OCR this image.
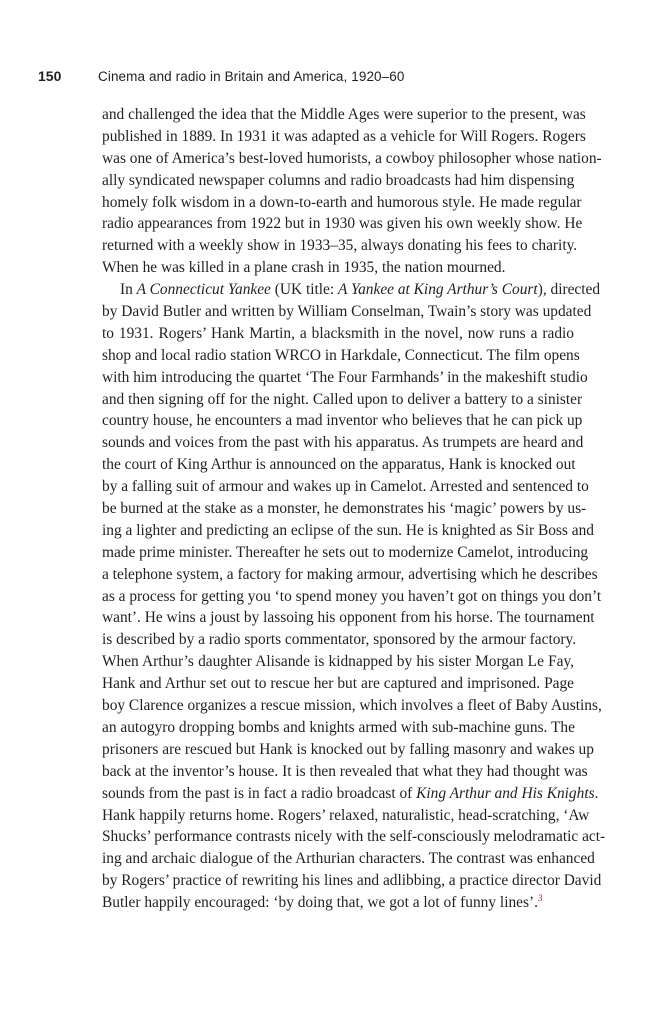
150	Cinema and radio in Britain and America, 1920–60
and challenged the idea that the Middle Ages were superior to the present, was
published in 1889. In 1931 it was adapted as a vehicle for Will Rogers. Rogers
was one of America’s best-loved humorists, a cowboy philosopher whose nation-
ally syndicated newspaper columns and radio broadcasts had him dispensing
homely folk wisdom in a down-to-earth and humorous style. He made regular
radio appearances from 1922 but in 1930 was given his own weekly show. He
returned with a weekly show in 1933–35, always donating his fees to charity.
When he was killed in a plane crash in 1935, the nation mourned.
In A Connecticut Yankee (UK title: A Yankee at King Arthur’s Court), directed
by David Butler and written by William Conselman, Twain’s story was updated
to 1931. Rogers’ Hank Martin, a blacksmith in the novel, now runs a radio
shop and local radio station WRCO in Harkdale, Connecticut. The film opens
with him introducing the quartet ‘The Four Farmhands’ in the makeshift studio
and then signing off for the night. Called upon to deliver a battery to a sinister
country house, he encounters a mad inventor who believes that he can pick up
sounds and voices from the past with his apparatus. As trumpets are heard and
the court of King Arthur is announced on the apparatus, Hank is knocked out
by a falling suit of armour and wakes up in Camelot. Arrested and sentenced to
be burned at the stake as a monster, he demonstrates his ‘magic’ powers by us-
ing a lighter and predicting an eclipse of the sun. He is knighted as Sir Boss and
made prime minister. Thereafter he sets out to modernize Camelot, introducing
a telephone system, a factory for making armour, advertising which he describes
as a process for getting you ‘to spend money you haven’t got on things you don’t
want’. He wins a joust by lassoing his opponent from his horse. The tournament
is described by a radio sports commentator, sponsored by the armour factory.
When Arthur’s daughter Alisande is kidnapped by his sister Morgan Le Fay,
Hank and Arthur set out to rescue her but are captured and imprisoned. Page
boy Clarence organizes a rescue mission, which involves a fleet of Baby Austins,
an autogyro dropping bombs and knights armed with sub-machine guns. The
prisoners are rescued but Hank is knocked out by falling masonry and wakes up
back at the inventor’s house. It is then revealed that what they had thought was
sounds from the past is in fact a radio broadcast of King Arthur and His Knights.
Hank happily returns home. Rogers’ relaxed, naturalistic, head-scratching, ‘Aw
Shucks’ performance contrasts nicely with the self-consciously melodramatic act-
ing and archaic dialogue of the Arthurian characters. The contrast was enhanced
by Rogers’ practice of rewriting his lines and adlibbing, a practice director David
Butler happily encouraged: ‘by doing that, we got a lot of funny lines’.$^3$
